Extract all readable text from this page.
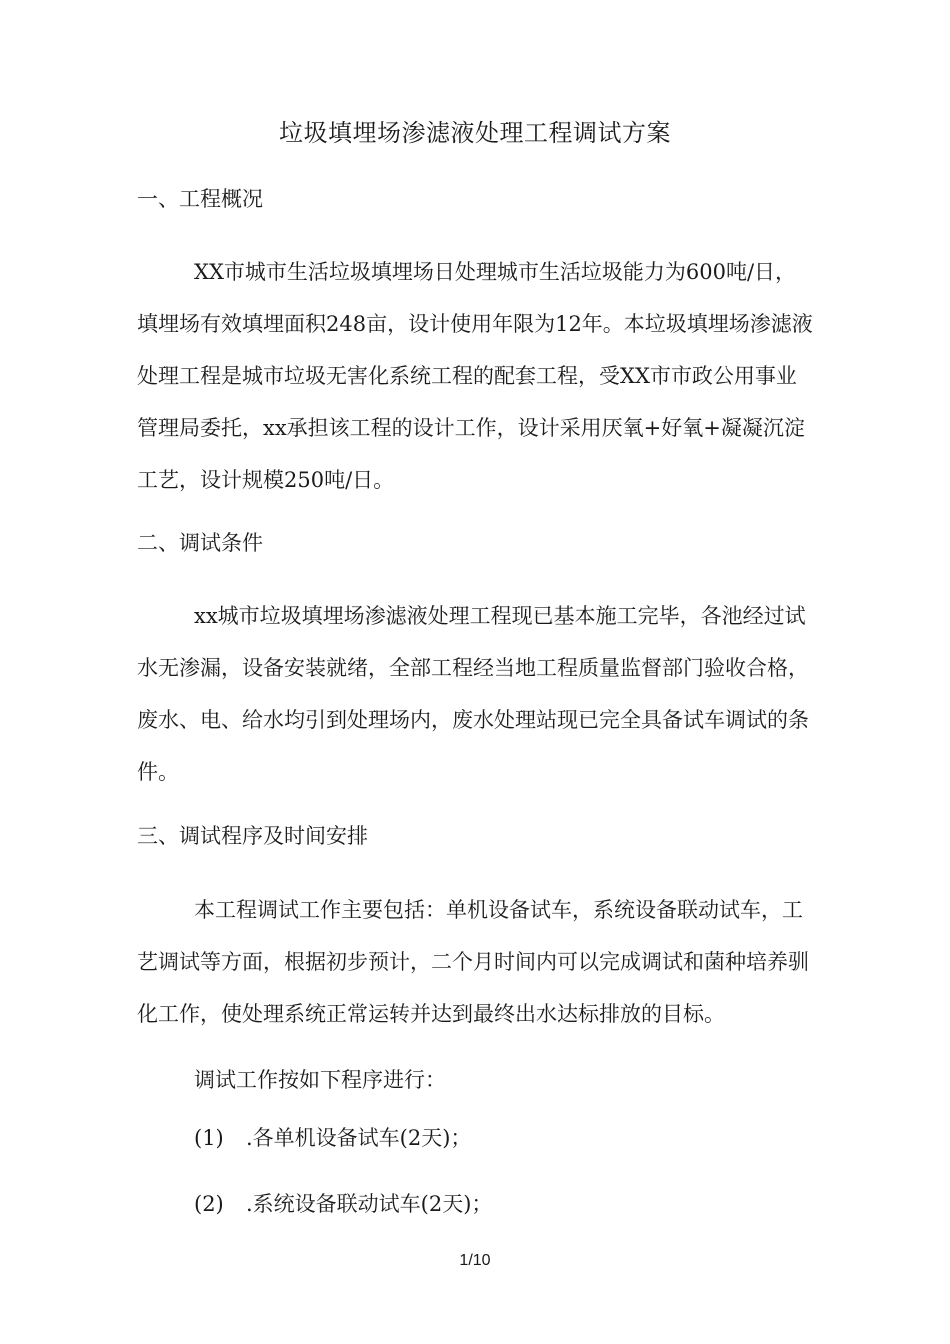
垃圾填埋场渗滤液处理工程调试方案
一、工程概况

XX市城市生活垃圾填埋场日处理城市生活垃圾能力为600吨/日，填埋场有效填埋面积248亩，设计使用年限为12年。本垃圾填埋场渗滤液处理工程是城市垃圾无害化系统工程的配套工程，受XX市市政公用事业管理局委托，xx承担该工程的设计工作，设计采用厌氧+好氧+凝凝沉淀工艺，设计规模250吨/日。

二、调试条件

xx城市垃圾填埋场渗滤液处理工程现已基本施工完毕，各池经过试水无渗漏，设备安装就绪，全部工程经当地工程质量监督部门验收合格，废水、电、给水均引到处理场内，废水处理站现已完全具备试车调试的条件。

三、调试程序及时间安排

本工程调试工作主要包括：单机设备试车，系统设备联动试车，工艺调试等方面，根据初步预计，二个月时间内可以完成调试和菌种培养驯化工作，使处理系统正常运转并达到最终出水达标排放的目标。

调试工作按如下程序进行：
(1) .各单机设备试车(2天)；
(2) .系统设备联动试车(2天)；
1/10
